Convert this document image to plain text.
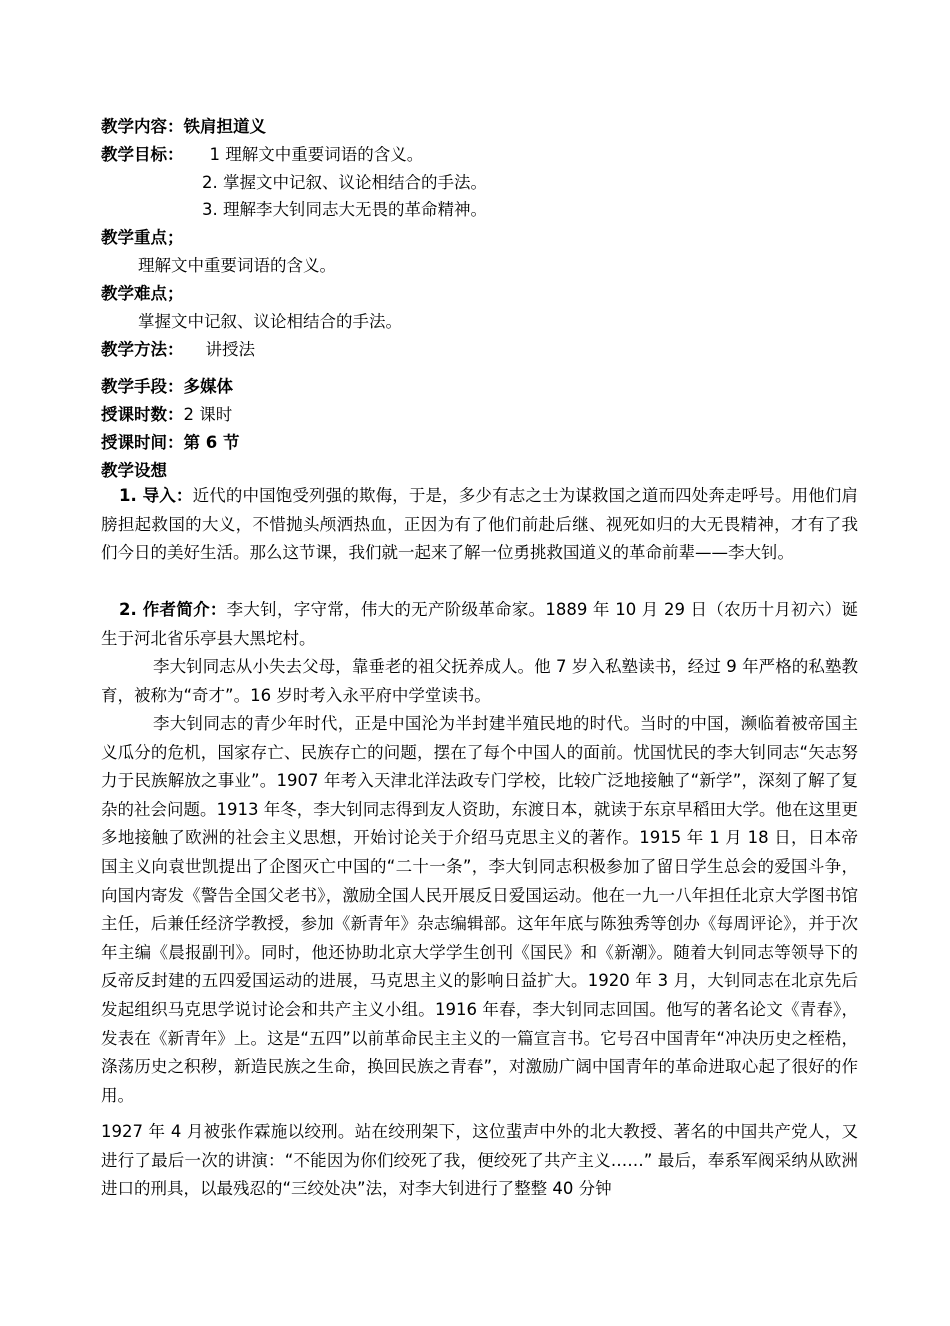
教学内容：铁肩担道义
教学目标： 1 理解文中重要词语的含义。
2. 掌握文中记叙、议论相结合的手法。
3. 理解李大钊同志大无畏的革命精神。
教学重点；
理解文中重要词语的含义。
教学难点；
掌握文中记叙、议论相结合的手法。
教学方法： 讲授法
教学手段：多媒体
授课时数：2 课时
授课时间：第 6 节
教学设想

1. 导入：近代的中国饱受列强的欺侮，于是，多少有志之士为谋救国之道而四处奔走呼号。用他们肩膀担起救国的大义，不惜抛头颅洒热血，正因为有了他们前赴后继、视死如归的大无畏精神，才有了我们今日的美好生活。那么这节课，我们就一起来了解一位勇挑救国道义的革命前辈——李大钊。

2. 作者简介：李大钊，字守常，伟大的无产阶级革命家。1889 年 10 月 29 日（农历十月初六）诞生于河北省乐亭县大黑坨村。

李大钊同志从小失去父母，靠垂老的祖父抚养成人。他 7 岁入私塾读书，经过 9 年严格的私塾教育，被称为“奇才”。16 岁时考入永平府中学堂读书。

李大钊同志的青少年时代，正是中国沦为半封建半殖民地的时代。当时的中国，濒临着被帝国主义瓜分的危机，国家存亡、民族存亡的问题，摆在了每个中国人的面前。忧国忧民的李大钊同志“矢志努力于民族解放之事业”。1907 年考入天津北洋法政专门学校，比较广泛地接触了“新学”，深刻了解了复杂的社会问题。1913 年冬，李大钊同志得到友人资助，东渡日本，就读于东京早稻田大学。他在这里更多地接触了欧洲的社会主义思想，开始讨论关于介绍马克思主义的著作。1915 年 1 月 18 日，日本帝国主义向袁世凯提出了企图灭亡中国的“二十一条”，李大钊同志积极参加了留日学生总会的爱国斗争，向国内寄发《警告全国父老书》，激励全国人民开展反日爱国运动。他在一九一八年担任北京大学图书馆主任，后兼任经济学教授，参加《新青年》杂志编辑部。这年年底与陈独秀等创办《每周评论》，并于次年主编《晨报副刊》。同时，他还协助北京大学学生创刊《国民》和《新潮》。随着大钊同志等领导下的反帝反封建的五四爱国运动的进展，马克思主义的影响日益扩大。1920 年 3 月，大钊同志在北京先后发起组织马克思学说讨论会和共产主义小组。1916 年春，李大钊同志回国。他写的著名论文《青春》，发表在《新青年》上。这是“五四”以前革命民主主义的一篇宣言书。它号召中国青年“冲决历史之桎梏，涤荡历史之积秽，新造民族之生命，换回民族之青春”，对激励广阔中国青年的革命进取心起了很好的作用。

1927 年 4 月被张作霖施以绞刑。站在绞刑架下，这位蜚声中外的北大教授、著名的中国共产党人，又进行了最后一次的讲演：“不能因为你们绞死了我，便绞死了共产主义……” 最后，奉系军阀采纳从欧洲进口的刑具，以最残忍的“三绞处决”法，对李大钊进行了整整 40 分钟
